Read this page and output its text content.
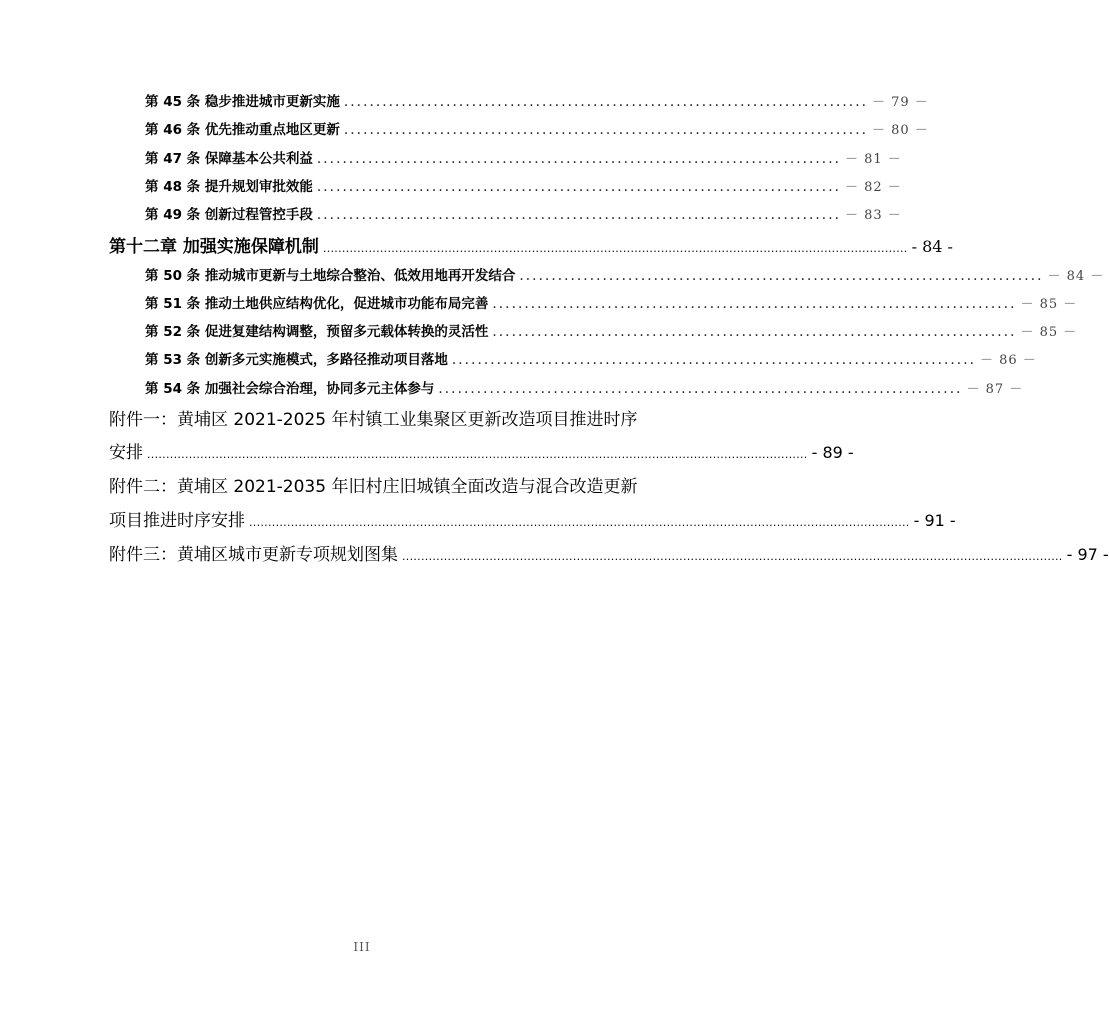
第 45 条 稳步推进城市更新实施 .................................................................................. － 79 －
第 46 条 优先推动重点地区更新 .................................................................................. － 80 －
第 47 条 保障基本公共利益 .................................................................................. － 81 －
第 48 条 提升规划审批效能 .................................................................................. － 82 －
第 49 条 创新过程管控手段 .................................................................................. － 83 －
第十二章 加强实施保障机制 .......................................................................................................................................................... - 84 -
第 50 条 推动城市更新与土地综合整治、低效用地再开发结合 .................................................................................. － 84 －
第 51 条 推动土地供应结构优化，促进城市功能布局完善 .................................................................................. － 85 －
第 52 条 促进复建结构调整，预留多元载体转换的灵活性 .................................................................................. － 85 －
第 53 条 创新多元实施模式，多路径推动项目落地 .................................................................................. － 86 －
第 54 条 加强社会综合治理，协同多元主体参与 .................................................................................. － 87 －
附件一：黄埔区 2021-2025 年村镇工业集聚区更新改造项目推进时序
安排 .............................................................................................................................................................................. - 89 -
附件二：黄埔区 2021-2035 年旧村庄旧城镇全面改造与混合改造更新
项目推进时序安排 .............................................................................................................................................................................. - 91 -
附件三：黄埔区城市更新专项规划图集 .............................................................................................................................................................................. - 97 -
III
